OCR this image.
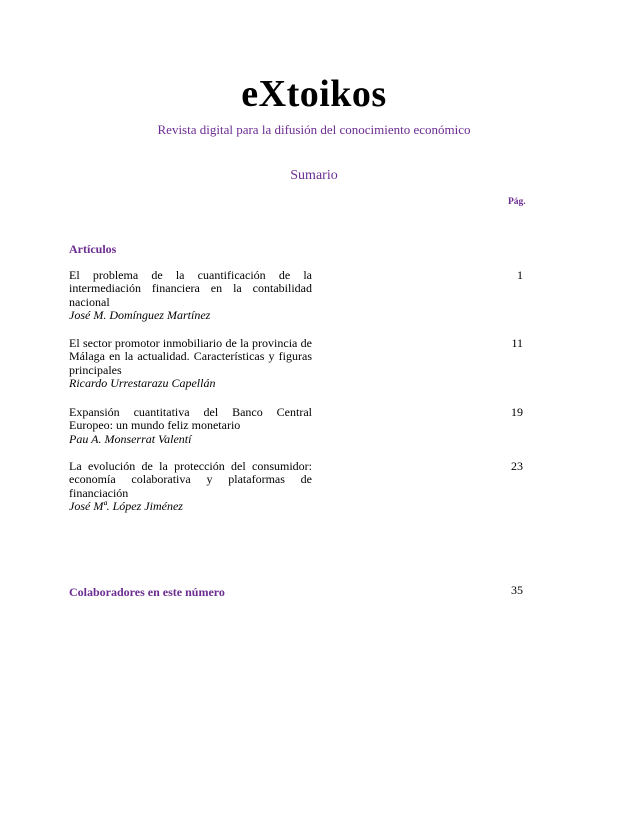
eXtoikos
Revista digital para la difusión del conocimiento económico
Sumario
Pág.
Artículos
El problema de la cuantificación de la intermediación financiera en la contabilidad nacional
José M. Domínguez Martínez
1
El sector promotor inmobiliario de la provincia de Málaga en la actualidad. Características y figuras principales
Ricardo Urrestarazu Capellán
11
Expansión cuantitativa del Banco Central Europeo: un mundo feliz monetario
Pau A. Monserrat Valentí
19
La evolución de la protección del consumidor: economía colaborativa y plataformas de financiación
José Mª. López Jiménez
23
Colaboradores en este número	35
